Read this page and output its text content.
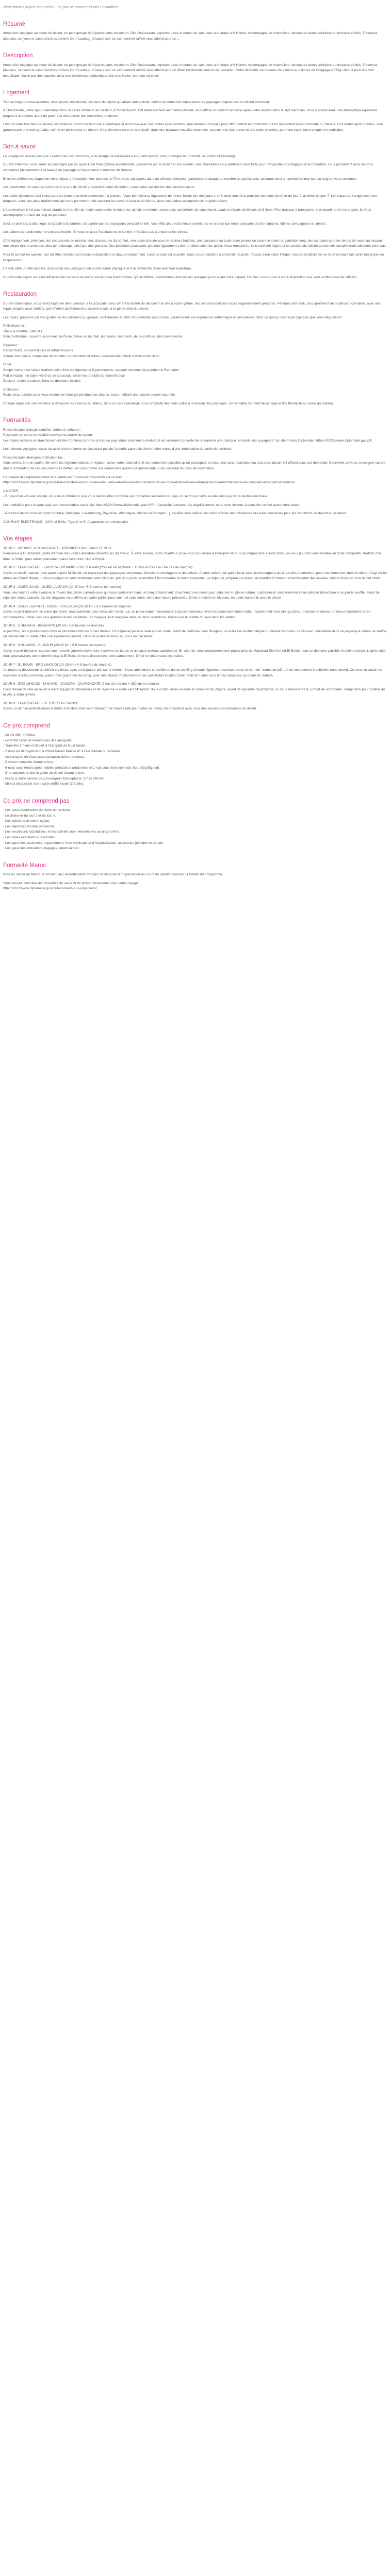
Description Ca prix comprend / Ce prix ne comprend pas Formalités
Résumé

Immersion magique au coeur du désert, en petit groupe de 8 participants maximum. Dès Ouarzazate, explorez oasis et dunes du sud, avec une étape à M'Hamid. Accompagné de chameliers, découvrez dunes solitaires et bivouacs étoilés. Traversez plateaux, canyons et oasis secrètes comme Oum Laaloug. Chaque soir, un campement raffiné vous attend pour un ...

Description

Immersion magique au coeur du désert, en petit groupe de 8 participants maximum. Dès Ouarzazate, explorez oasis et dunes du sud, avec une étape à M'Hamid. Accompagné de chameliers, découvrez dunes solitaires et bivouacs étoilés. Traversez plateaux, canyons et oasis secrètes comme Oum Laaloug. Chaque soir, un campement raffiné vous attend pour un dîner traditionnel sous le ciel saharien. Votre itinéraire sur mesure vous mène aux dunes de Chegaga et l'Erg Lihoudi pour une nuit inoubliable. Guidé par des experts, vivez une expérience authentique, loin des foules, en toute sérénité.

Logement

Tout au long de votre aventure, nous avons sélectionné des lieux de séjour qui allient authenticité, confort et immersion totale dans les paysages majestueux du désert marocain.

À Ouarzazate, votre séjour débutera dans un cadre raffiné et accueillant, à l'hôtel Karam. Cet établissement au charme discret, vous offrira un confort moderne après votre arrivée dans le sud marocain. Vous y apprécierez une atmosphère reposante, propice à la détente avant de partir à la découverte des merveilles du désert.

Lors de votre trek dans le désert, l'expérience prend une tournure authentique et exclusive avec des tentes igloo mobiles, spécialement conçues pour offrir confort et protection tout en respectant l'esprit nomade du Sahara. Ces tentes igloo mobiles, vous garantissent une nuit agréable, même en plein coeur du désert. Vous dormirez sous un ciel étoilé, dans des bivouacs installés avec soin, au plus près des dunes et des oasis secrètes, pour une expérience unique et inoubliable.

Bon à savoir

Le voyage est assuré dès que 2 personnes sont inscrites, et le groupe ne dépassera pas 8 participants, pour privilégier la proximité, le confort et l'échange.

Durant votre trek, vous serez accompagné par un guide local francophone expérimenté, passionné par le désert et ses secrets. Des chameliers vous prêteront main forte pour transporter vos bagages et le nourriture, vous permettant ainsi de vous concentrer pleinement sur la beauté du paysage et l'expérience immersive du Sahara.

Entre les différentes étapes de votre séjour, à l'exception des portions de Trek, vous voyagerez dans un véhicule climatisé, parfaitement adapté au nombre de participants, assurant ainsi un confort optimal tout au long de votre aventure.

Les pourboires ne sont pas inclus dans le prix du circuit et restent à votre discrétion, selon votre satisfaction des services reçus.

Les petits-déjeuners sont inclus tous les jours pour bien commencer la journée. Vous bénéficierez également de dîners inclus lors des jours 1 et 8, ainsi que de la pension complète du dîner du jour 2 au dîner du jour 7. Les repas sont soigneusement préparés, avec des plats traditionnels qui vous permettront de savourer les saveurs locales du Maroc, dans des cadres exceptionnels en plein désert.

L'eau minérale n'est pas incluse durant le trek. Afin de rester autonomes et limiter les achats en chemin, nous vous conseillons de vous munir, avant le départ, de bidons de 5 litres. Plus pratique à transporter et à répartir entre les étapes, ils vous accompagneront tout au long du parcours.

Seul un petit sac à dos, léger et adapté à la journée, sera porté par les voyageurs pendant le trek. Vos effets plus volumineux seront pris en charge par notre caravane de dromadaires, fidèles compagnons du désert.

Les bâtons de randonnée ne sont pas fournis. Si vous en avez l'habitude ou le confort, n'hésitez pas à emporter les vôtres.

Côté équipement, prévoyez des chaussures de marche, des chaussures de confort, une veste chaude pour les soirées fraîches, une casquette ou toute autre protection contre le soleil, un pantalon long, des sandales pour les temps de repos au bivouac, une lampe torche avec des piles de rechange, ainsi que des gourdes. Des pochettes plastiques peuvent également s'avérer utiles selon les points d'eau rencontrés. Une serviette légère et les articles de toilette personnels compléteront utilement votre sac.

Pour le confort en quelles, des toilettes mobiles sont mises à disposition à chaque campement. Lorsque cela est possible, nous nous installons à proximité de puits ; l'accès varie selon l'étape, mais le simplicité de ce rituel nomade fait partie intégrante de l'expérience.

Ce trek offre un défi modéré, accessible aux voyageurs en bonne forme physique et à la recherche d'une aventure équilibrée.

Durant votre séjour vous bénéficierez des services de notre conciergerie francophone 7j/7 et 24h/24 (coordonnées transmises quelques jours avant votre départ). De plus, vous aurez à votre disposition une carte eSIM locale de 100 Mo.

Restauration

Durant votre séjour, vous serez logés en demi-pension à Ouarzazate, vous offrant la liberté de découvrir la ville à votre rythme, tout en savourant des repas soigneusement préparés. Pendant votre trek, vous profiterez de la pension complète, avec des repas simples mais nutritifs, qui reflètent parfaitement la cuisine locale et la générosité du désert.

Les repas, préparés par vos guides ou les cuisiniers du groupe, sont réalisés à partir d'ingrédients locaux frais, garantissant une expérience authentique et savoureuse. Voici un aperçu des repas typiques que vous dégusterez :

Petit-déjeuner :
Thé à la menthe, café, lait
Pain traditionnel, souvent servi avec de l'huile d'olive ou du miel, du beurre, des oeufs, de la confiture, des olives noires
Déjeuner :
Repas froids, souvent légers et rafraîchissants
Salade marocaine, composée de tomates, concombres et olives, assaisonnée d'huile d'olive et de citron
Dîner :
Soupe harira, une soupe traditionnelle riche en légumes et légumineuses, souvent consommée pendant le Ramadan
Plat principal : un tajine varié ou un couscous, selon les produits du marché local
Dessert : selon la saison, fruits ou douceurs locales
Collations :
Fruits secs, parfaits pour vous donner de l'énergie pendant vos étapes, tout en offrant une touche sucrée naturelle.

Chaque repas est une invitation à découvrir les saveurs du Maroc, dans un cadre privilégié ou la simplicité des mets s'allie à la beauté des paysages. Un véritable moment de partage et d'authenticité au coeur du Sahara.

Formalités
Ressortissants français (adultes, bébés et enfants) :
Passeport en cours de validité couvrant la totalité du séjour.

Les règles relatives au franchissement des frontières propres à chaque pays étant amenées à évoluer, il est vivement conseillé de se reporter à la rubrique "conseils aux voyageurs" du site France Diplomatie, https://XXXX/www.diplomatie.gouv.fr/

Les mineurs voyageant seuls ou avec une personne ne disposant pas de l'autorité parentale devront être munis d'une autorisation de sortie de territoire.

Ressortissants étrangers et binationaux :

Vous devrez être en conformité avec les réglementations en vigueur, selon votre nationalité. Il est notamment possible qu'un passeport, un visa, une carte touristique ou tout autre document officiel vous soit demandé. Il convient de vous renseigner sur les délais d'obtention de ces documents et d'effectuer vous-même vos démarches auprès de ambassade ou du consulat du pays de destination.

L'annuaire des représentations étrangères en France est disponible via ce lien :

http://XXXX/www.diplomatie.gouv.fr/fr/le-ministere-et-son-reseau/annuaires-et-adresses-du-ministere-de-l-europe-et-des-affaires-etrangeres-meae/ambassades-et-consulats-etrangers-en-france/

A NOTER

- En cas d'un vol avec escale, vous nous informons que vous devrez être conforme aux formalités sanitaires du pays où se trouve votre escale ainsi que votre destination finale.

Les modalités pour chaque pays sont consultables sur le site https://XXXX/www.diplomatie.gouv.fr/fr/. L'actualité évoluant très régulièrement, nous vous invitons à consulter ce lien avant votre départ.

- Pour tout départ d'un aéroport frontalier (Belgique, Luxembourg, Pays-Bas, Allemagne, Suisse ou Espagne...), veuillez vous référer aux sites officiels des ministères des pays concernés pour les conditions de départ et de retour.

COURANT ELECTRIQUE : 220V et 50Hz. Type C et E. Adaptateur non nécessaire.

Vos étapes
JOUR 1 : ARRIVEE A OUARZAZATE - PREMIERS PAS DANS LE SUD

Bienvenue à Ouarzazate, porte d'entrée des vastes étendues désertiques du Maroc. À votre arrivée, votre chauffeur privé vous accueillera à l'aéroport et vous accompagnera à votre hôtel, où vous pourrez vous installer en toute tranquillité. Profitez d'un dîner à l'hôtel, pour entrer pleinement dans l'aventure. Nuit à l'hôtel.

JOUR 2 : OUARZAZATE - ZAGORA - M'HAMID - OUED NAAM (250 km en asphalte + 18 km en trek / 4-5 heures de marche)

Après un réveil matinal, nous partons pour M'Hamid, en traversant des paysages somptueux, bordés de montagnes et de vallées. À votre arrivée, un guide local vous accompagnera ainsi que des chameliers, pour une immersion dans le désert. Cap sur les dunes de l'Oued Naam, un lieu magique où vous installerez votre bivouac, pris d'un puits rassemblant les nomades et leurs troupeaux. Le déjeuner, préparé sur place, se prendra à l'ombre rafraîchissante des acacias. Nuit en bivouac sous le ciel étoilé.

JOUR 3 : OUED NAAM - OUED LAATACH (20-30 km / 5-6 heures de marche)

Vous poursuivrez votre aventure à travers des pistes caillouteuses qui vous conduiront dans un canyon fascinant. Vous ferez une pause pour déjeuner en pleine nature. L'après-midi, vous traverserez un plateau désertique à couper le souffle, avant de rejoindre Oued Laatach. Ce site magique vous offrira un cadre parfait pour une nuit sous tente, dans une nature préservée. Dîner et nuitée en bivouac, en totale harmonie avec le désert.

JOUR 4 : OUED LAATACH - OASIS - CHEGAGA (20-30 km / 5-6 heures de marche)

Après un petit-déjeuner au cœur du désert, nous partirons pour découvrir l'oasis. Là, un pique-nique mauriqera une pause bienvenue avant de poursuivre notre route. L'après-midi nous plonge dans un océan de dunes, où nous installerons notre campement au milieu des plus grandes dunes du Maroc, à Chegaga. Nuit magique dans ce décor grandiose, bercés par le souffle du vent dans les sables.

JOUR 5 : CHEGAGA - BOUGARN (20 km / 5-6 heures de marche)

Aujourd'hui, nous poursuivons notre exploration entre les dunes dorées. Un déjeuner paisible sera pris en route, avant de continuer vers Bougarn, un autre lieu emblématique du désert marocain. Le bivouac, s'installera dans ce paysage à couper le souffle, où l'immensité du sable offre une expérience inédite. Dîner et nuitée en bivouac, sous un ciel étoilé.

JOUR 6 : BOUGARN - EL BOUR (20-30 km / 5-6 heures de marche)

Après le petit-déjeuner, cap sur une nouvelle journée d'aventure à travers les dunes et un vaste plateau sablonneux. En chemin, nous marquerons une pause près du Marabout Sidi Ahmed El Bechir pour un déjeuner paisible en pleine nature. L'après-midi, nous poursuivrons notre chemin jusqu'à El Bour, où nous dresserons notre campement. Dîner et nuitée sous les étoiles.

JOUR 7 : EL BOUR - ERG LIHOUDI (10-15 km / 4-5 heures de marche)

Au matin, la découverte du désert continue, avec un déjeuner pris sur le chemin. Nous atteindrons les célèbres dunes de l'Erg Lihoudi, également connues sous le nom de "dunes du juif", où un campement inoubliable nous attend. Ce sera l'occasion de vivre une soirée conviviale, autour d'un grand feu de camp, avec des chants traditionnels et des spécialités locales. Dîner festif et nuitée sous tentes nomades, au coeur du Sahara.

JOUR 8 : ERG LIHOUDI - M'HAMID - ZAGORA - OUARZAZATE (7 km de marche + 250 km en voiture)

C'est l'heure de dire au revoir à votre équipe de chameliers et de rejoindre la route vers M'Hamid. Nous continuerons ensuite en direction de Zagora, avant de rejoindre Ouarzazate, où vous retrouverez le confort de votre hôtel. Temps libre pour profiter de la ville à votre rythme.

JOUR 9 : OUARZAZATE - RETOUR EN FRANCE

Après un dernier petit-déjeuner à l'hôtel, transfert privé vers l'aéroport de Ouarzazate pour votre vol retour, en emportant avec vous des souvenirs inoubliables du désert.

Ce prix comprend
- Le vol aller et retour.
- Le forfait taxes et redevances des aéroports.
- Transfert arrivée et départ à l'aéroport de Ouarzazate.
- 2 nuits en demi-pension à l'hôtel Karam Palace 4* à Ouarzazate ou similaire.
- Le transport de Ouarzazate jusqu'au désert et retour.
- Pension complète durant le trek.
- 6 nuits sous tentes igloo mobiles pendant la randonnée et 1 nuit sous tente nomade fixe à Erg Elguedi.
- Dromadaires de bât et guide du désert durant le trek.
- Accès à notre service de conciergerie francophone 7j/7 et 24h/24.
- Mise à disposition d'une carte eSIM locale (100 Mo).
Ce prix ne comprend pas
- Les taxes éventuelles de sortie du territoire.
- Le déjeuner du jour 2 et du jour 8.
- Les boissons durant le séjour.
- Les dépenses d'ordre personnel.
- Les excursions facultatives, et les activités non mentionnées au programme.
- Les repas éventuels aux escales.
- Les garanties assistance, rapatriement, frais médicaux et d'hospitalisation, assistance juridique et pénale.
- Les garanties annulation, bagages, retard aérien.
Formalité Maroc

Pour un séjour au Maroc, il convient aux ressortissants français de disposer d'un passeport en cours de validité couvrant la totalité du programme.

Vous pouvez consulter les formalités de santé et de police nécessaires pour votre voyage :
http://XXXX/www.diplomatie.gouv.fr/fr/conseils-aux-voyageurs/
